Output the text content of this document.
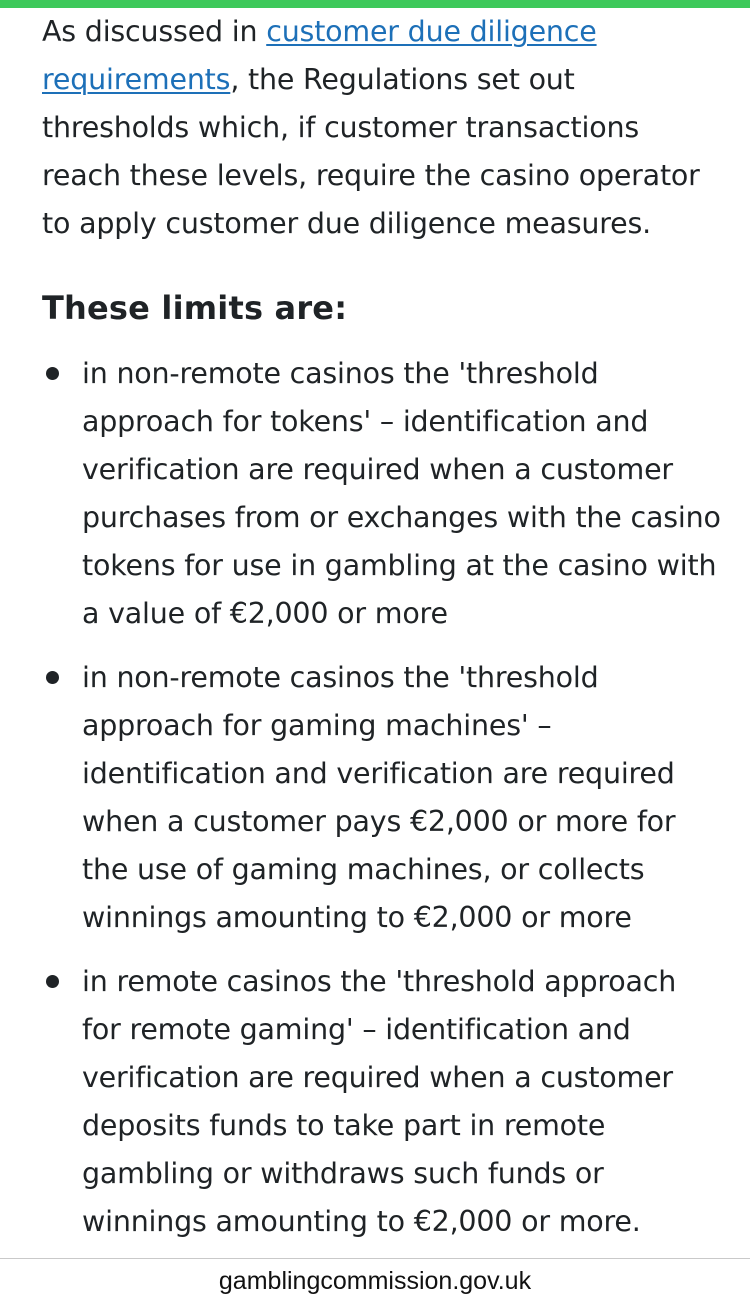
As discussed in customer due diligence requirements, the Regulations set out thresholds which, if customer transactions reach these levels, require the casino operator to apply customer due diligence measures.

These limits are:
in non-remote casinos the 'threshold approach for tokens' – identification and verification are required when a customer purchases from or exchanges with the casino tokens for use in gambling at the casino with a value of €2,000 or more
in non-remote casinos the 'threshold approach for gaming machines' – identification and verification are required when a customer pays €2,000 or more for the use of gaming machines, or collects winnings amounting to €2,000 or more
in remote casinos the 'threshold approach for remote gaming' – identification and verification are required when a customer deposits funds to take part in remote gambling or withdraws such funds or winnings amounting to €2,000 or more.
gamblingcommission.gov.uk
